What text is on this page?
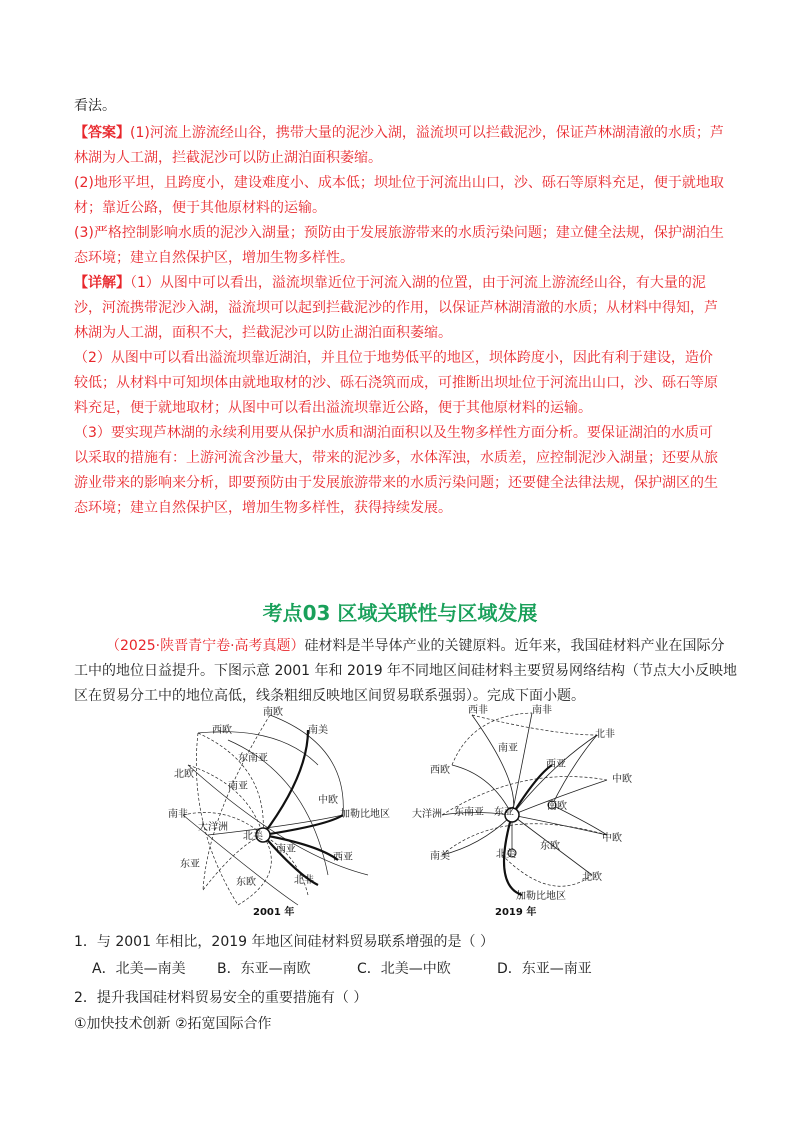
看法。
【答案】(1)河流上游流经山谷，携带大量的泥沙入湖，溢流坝可以拦截泥沙，保证芦林湖清澈的水质；芦
林湖为人工湖，拦截泥沙可以防止湖泊面积萎缩。
(2)地形平坦，且跨度小，建设难度小、成本低；坝址位于河流出山口，沙、砾石等原料充足，便于就地取
材；靠近公路，便于其他原材料的运输。
(3)严格控制影响水质的泥沙入湖量；预防由于发展旅游带来的水质污染问题；建立健全法规，保护湖泊生
态环境；建立自然保护区，增加生物多样性。
【详解】（1）从图中可以看出，溢流坝靠近位于河流入湖的位置，由于河流上游流经山谷，有大量的泥
沙，河流携带泥沙入湖，溢流坝可以起到拦截泥沙的作用，以保证芦林湖清澈的水质；从材料中得知，芦
林湖为人工湖，面积不大，拦截泥沙可以防止湖泊面积萎缩。
（2）从图中可以看出溢流坝靠近湖泊，并且位于地势低平的地区，坝体跨度小，因此有利于建设，造价
较低；从材料中可知坝体由就地取材的沙、砾石浇筑而成，可推断出坝址位于河流出山口，沙、砾石等原
料充足，便于就地取材；从图中可以看出溢流坝靠近公路，便于其他原材料的运输。
（3）要实现芦林湖的永续利用要从保护水质和湖泊面积以及生物多样性方面分析。要保证湖泊的水质可
以采取的措施有：上游河流含沙量大，带来的泥沙多，水体浑浊，水质差，应控制泥沙入湖量；还要从旅
游业带来的影响来分析，即要预防由于发展旅游带来的水质污染问题；还要健全法律法规，保护湖区的生
态环境；建立自然保护区，增加生物多样性，获得持续发展。
考点03 区域关联性与区域发展
（2025·陕晋青宁卷·高考真题）硅材料是半导体产业的关键原料。近年来，我国硅材料产业在国际分
工中的地位日益提升。下图示意 2001 年和 2019 年不同地区间硅材料主要贸易网络结构（节点大小反映地
区在贸易分工中的地位高低，线条粗细反映地区间贸易联系强弱）。完成下面小题。
南欧
西欧	南美
东南亚
北欧
南亚
中欧
北美
加勒比地区
南非
大洋洲
东亚
南亚
西亚
东欧	北非
2001 年
西非	南非
北非
西欧
南亚
西亚
中欧
大洋洲 东南亚 东亚
南欧
中欧
南美	北美
东欧
北欧
加勒比地区
2019 年
1．与 2001 年相比，2019 年地区间硅材料贸易联系增强的是（ ）
A．北美—南美 B．东亚—南欧	C．北美—中欧	D．东亚—南亚
2．提升我国硅材料贸易安全的重要措施有（ ）
①加快技术创新 ②拓宽国际合作
